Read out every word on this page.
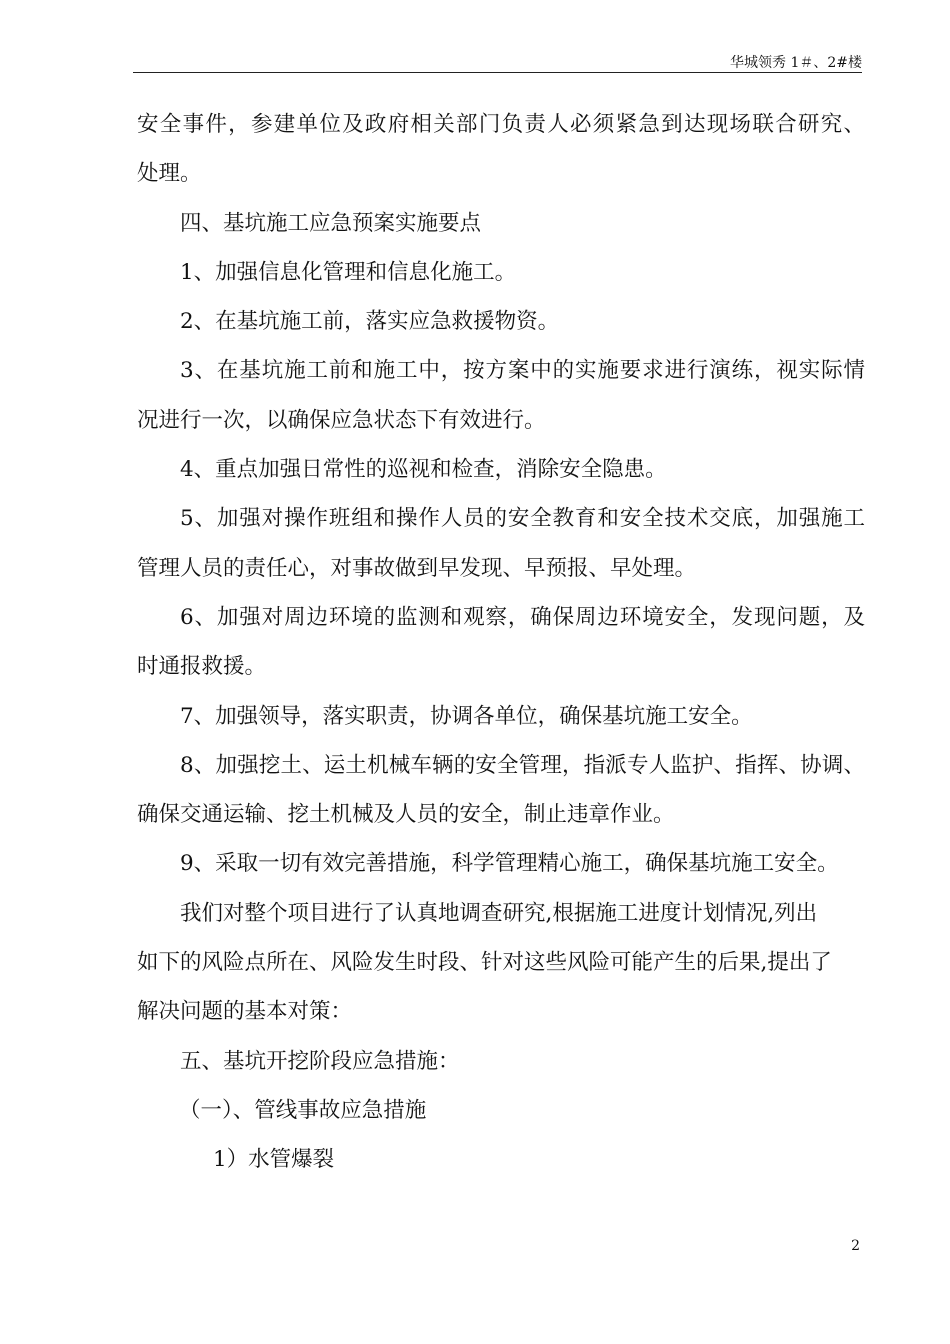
华城领秀 1＃、2#楼

安全事件，参建单位及政府相关部门负责人必须紧急到达现场联合研究、

处理。

四、基坑施工应急预案实施要点

1、加强信息化管理和信息化施工。

2、在基坑施工前，落实应急救援物资。

3、在基坑施工前和施工中，按方案中的实施要求进行演练，视实际情

况进行一次，以确保应急状态下有效进行。

4、重点加强日常性的巡视和检查，消除安全隐患。

5、加强对操作班组和操作人员的安全教育和安全技术交底，加强施工

管理人员的责任心，对事故做到早发现、早预报、早处理。

6、加强对周边环境的监测和观察，确保周边环境安全，发现问题，及

时通报救援。

7、加强领导，落实职责，协调各单位，确保基坑施工安全。

8、加强挖土、运土机械车辆的安全管理，指派专人监护、指挥、协调、

确保交通运输、挖土机械及人员的安全，制止违章作业。

9、采取一切有效完善措施，科学管理精心施工，确保基坑施工安全。

我们对整个项目进行了认真地调查研究,根据施工进度计划情况,列出

如下的风险点所在、风险发生时段、针对这些风险可能产生的后果,提出了

解决问题的基本对策：

五、基坑开挖阶段应急措施：

（一）、管线事故应急措施

1）水管爆裂

2
